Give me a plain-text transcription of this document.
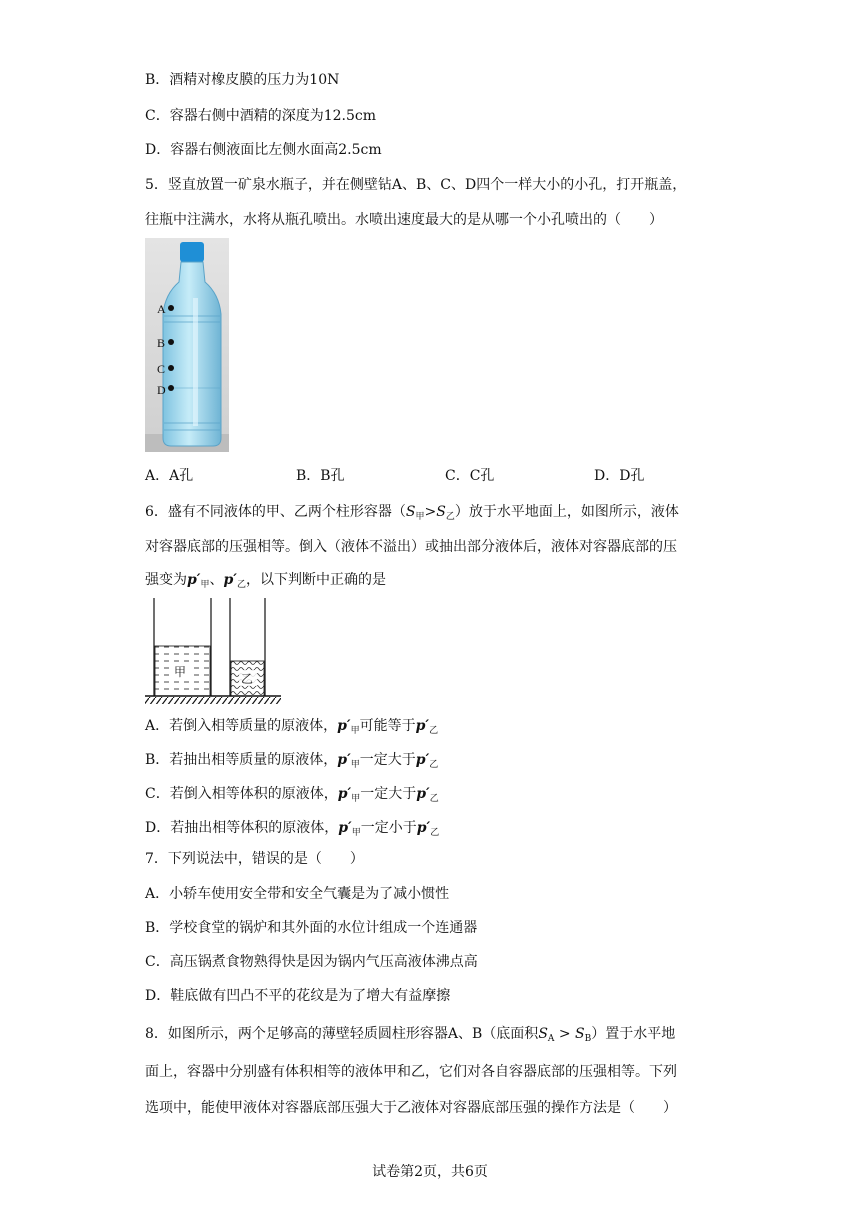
B．酒精对橡皮膜的压力为10N
C．容器右侧中酒精的深度为12.5cm
D．容器右侧液面比左侧水面高2.5cm
5．竖直放置一矿泉水瓶子，并在侧壁钻A、B、C、D四个一样大小的小孔，打开瓶盖，
往瓶中注满水，水将从瓶孔喷出。水喷出速度最大的是从哪一个小孔喷出的（　　）
A
B
C
D
A．A孔	B．B孔	C．C孔	D．D孔
6．盛有不同液体的甲、乙两个柱形容器$(S_甲>S_乙)$放于水平地面上，如图所示，液体
对容器底部的压强相等。倒入（液体不溢出）或抽出部分液体后，液体对容器底部的压
强变为$p'_甲$、$p'_乙$，以下判断中正确的是
甲	乙
A．若倒入相等质量的原液体，$p'_甲$可能等于$p'_乙$
B．若抽出相等质量的原液体，$p'_甲$一定大于$p'_乙$
C．若倒入相等体积的原液体，$p'_甲$一定大于$p'_乙$
D．若抽出相等体积的原液体，$p'_甲$一定小于$p'_乙$
7．下列说法中，错误的是（　　）
A．小轿车使用安全带和安全气囊是为了减小惯性
B．学校食堂的锅炉和其外面的水位计组成一个连通器
C．高压锅煮食物熟得快是因为锅内气压高液体沸点高
D．鞋底做有凹凸不平的花纹是为了增大有益摩擦
8．如图所示，两个足够高的薄壁轻质圆柱形容器A、B（底面积$S_A > S_B$）置于水平地
面上，容器中分别盛有体积相等的液体甲和乙，它们对各自容器底部的压强相等。下列
选项中，能使甲液体对容器底部压强大于乙液体对容器底部压强的操作方法是（　　）
试卷第2页，共6页
